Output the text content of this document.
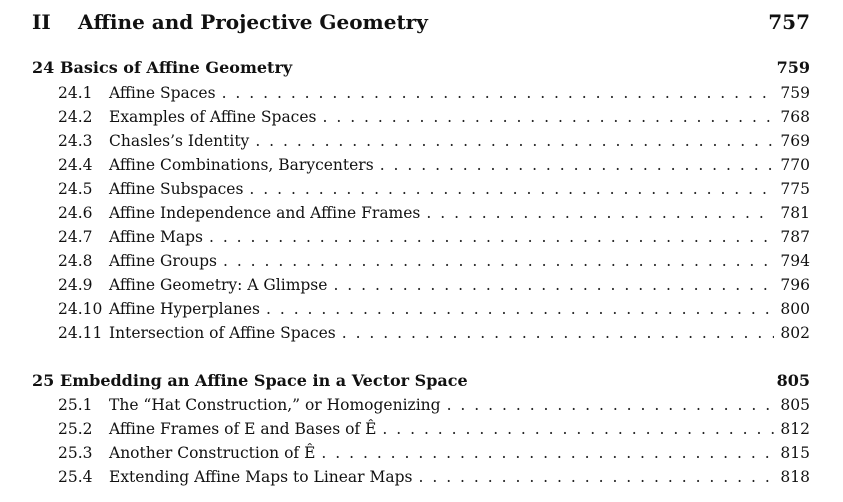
II	Affine and Projective Geometry	757
24 Basics of Affine Geometry	759
24.1	Affine Spaces . . .	759
24.2	Examples of Affine Spaces . . .	768
24.3	Chasles’s Identity . . .	769
24.4	Affine Combinations, Barycenters . . .	770
24.5	Affine Subspaces . . .	775
24.6	Affine Independence and Affine Frames . . .	781
24.7	Affine Maps . . .	787
24.8	Affine Groups . . .	794
24.9	Affine Geometry: A Glimpse . . .	796
24.10 Affine Hyperplanes . . .	800
24.11 Intersection of Affine Spaces . . .	802
25 Embedding an Affine Space in a Vector Space	805
25.1	The “Hat Construction,” or Homogenizing . . .	805
25.2	Affine Frames of E and Bases of Ê . . .	812
25.3	Another Construction of Ê . . .	815
25.4	Extending Affine Maps to Linear Maps . . .	818
